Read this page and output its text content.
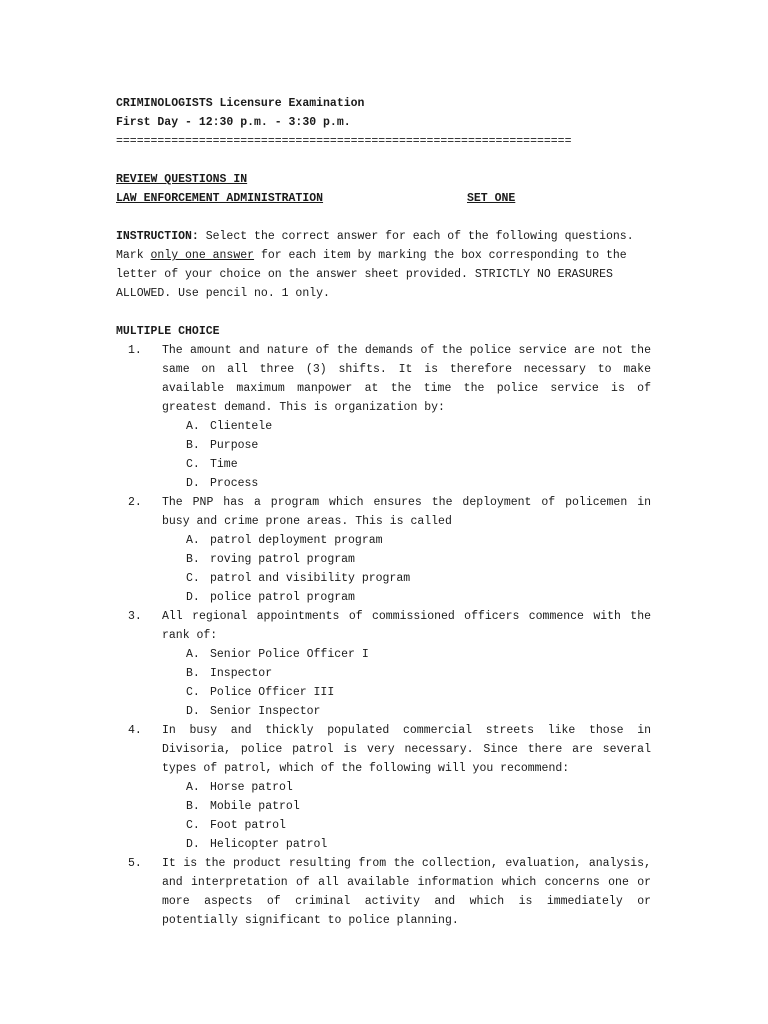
CRIMINOLOGISTS Licensure Examination
First Day - 12:30 p.m. - 3:30 p.m.
==================================================================
REVIEW QUESTIONS IN
LAW ENFORCEMENT ADMINISTRATION	SET ONE
INSTRUCTION: Select the correct answer for each of the following questions.
Mark only one answer for each item by marking the box corresponding to the
letter of your choice on the answer sheet provided. STRICTLY NO ERASURES
ALLOWED. Use pencil no. 1 only.
MULTIPLE CHOICE
1. The amount and nature of the demands of the police service are not the same on all three (3) shifts. It is therefore necessary to make available maximum manpower at the time the police service is of greatest demand. This is organization by:
A. Clientele
B. Purpose
C. Time
D. Process
2. The PNP has a program which ensures the deployment of policemen in busy and crime prone areas. This is called
A. patrol deployment program
B. roving patrol program
C. patrol and visibility program
D. police patrol program
3. All regional appointments of commissioned officers commence with the rank of:
A. Senior Police Officer I
B. Inspector
C. Police Officer III
D. Senior Inspector
4. In busy and thickly populated commercial streets like those in Divisoria, police patrol is very necessary. Since there are several types of patrol, which of the following will you recommend:
A. Horse patrol
B. Mobile patrol
C. Foot patrol
D. Helicopter patrol
5. It is the product resulting from the collection, evaluation, analysis, and interpretation of all available information which concerns one or more aspects of criminal activity and which is immediately or potentially significant to police planning.
